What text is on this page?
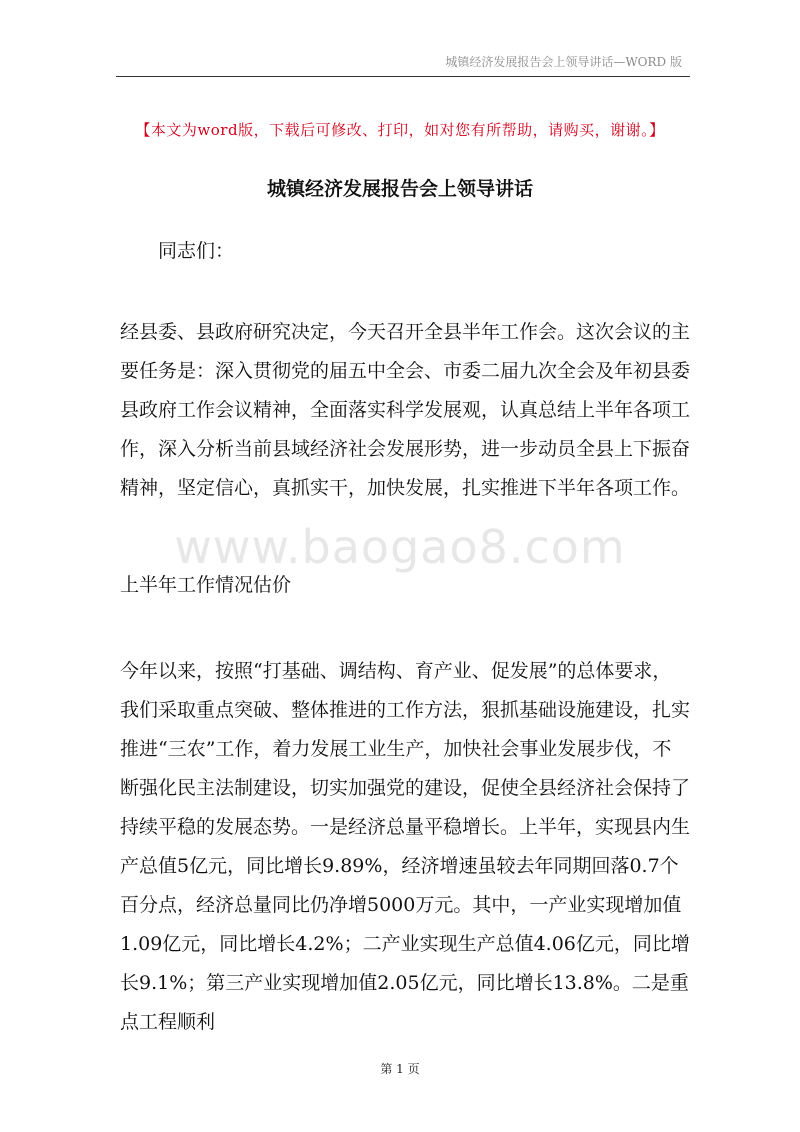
城镇经济发展报告会上领导讲话—WORD 版
【本文为word版，下载后可修改、打印，如对您有所帮助，请购买，谢谢。】
城镇经济发展报告会上领导讲话
同志们：

经县委、县政府研究决定，今天召开全县半年工作会。这次会议的主要任务是：深入贯彻党的届五中全会、市委二届九次全会及年初县委县政府工作会议精神，全面落实科学发展观，认真总结上半年各项工作，深入分析当前县域经济社会发展形势，进一步动员全县上下振奋精神，坚定信心，真抓实干，加快发展，扎实推进下半年各项工作。

www.baogao8.com
上半年工作情况估价

今年以来，按照“打基础、调结构、育产业、促发展”的总体要求，我们采取重点突破、整体推进的工作方法，狠抓基础设施建设，扎实推进“三农”工作，着力发展工业生产，加快社会事业发展步伐，不断强化民主法制建设，切实加强党的建设，促使全县经济社会保持了持续平稳的发展态势。一是经济总量平稳增长。上半年，实现县内生产总值5亿元，同比增长9.89%，经济增速虽较去年同期回落0.7个百分点，经济总量同比仍净增5000万元。其中，一产业实现增加值1.09亿元，同比增长4.2%；二产业实现生产总值4.06亿元，同比增长9.1%；第三产业实现增加值2.05亿元，同比增长13.8%。二是重点工程顺利

第 1 页
